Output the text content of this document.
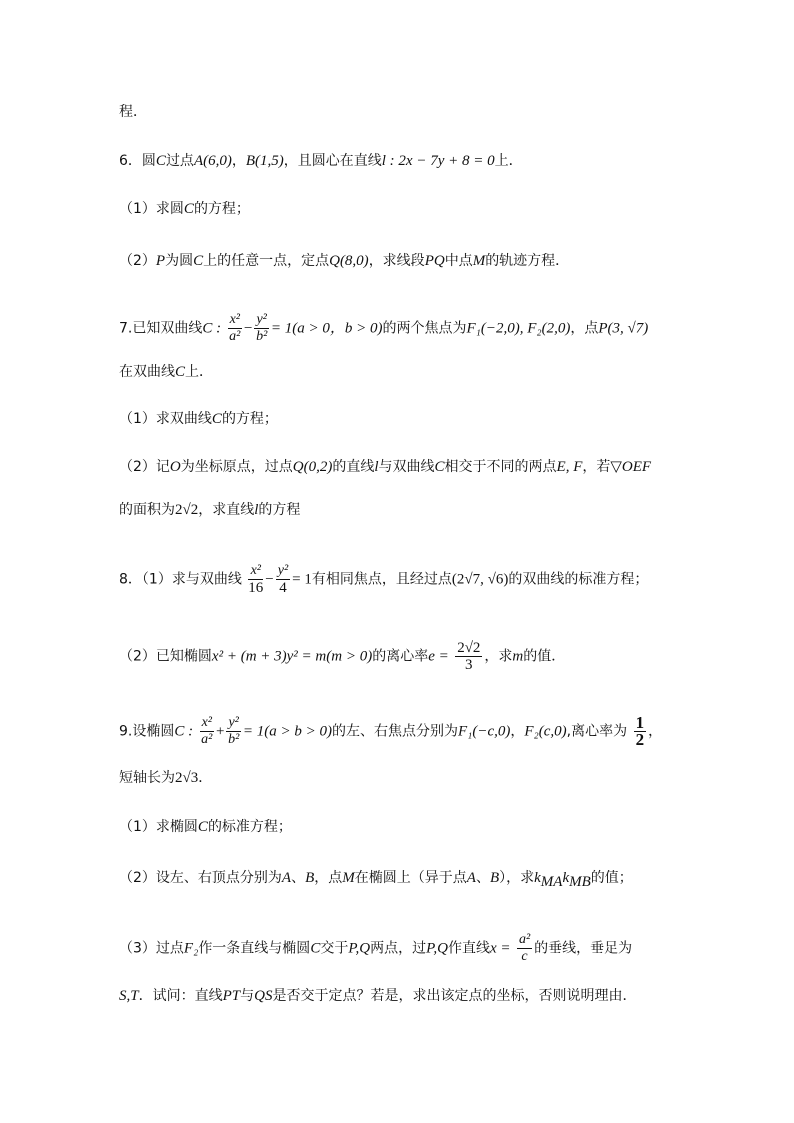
程．
6．圆C过点A(6,0)，B(1,5)，且圆心在直线l : 2x − 7y + 8 = 0上．
（1）求圆C的方程；
（2）P为圆C上的任意一点，定点Q(8,0)，求线段PQ中点M的轨迹方程．
7.已知双曲线C : $\frac{\text{x²}}{\text{a²}} - \frac{\text{y²}}{\text{b²}} = 1(a > 0$，b > 0)的两个焦点为F₁(−2,0), F₂(2,0)，点P(3, √7)
在双曲线C上．
（1）求双曲线C的方程；
（2）记O为坐标原点，过点Q(0,2)的直线l与双曲线C相交于不同的两点E, F，若▽OEF
的面积为2√2，求直线l的方程
8．（1）求与双曲线 $\frac{\text{x²}}{16} - \frac{\text{y²}}{4} = 1$有相同焦点，且经过点(2√7, √6)的双曲线的标准方程；
（2）已知椭圆x² + (m + 3)y² = m(m > 0)的离心率$e = \frac{2√2}{3}$ ，求m的值．
9.设椭圆C : $\frac{\text{x²}}{\text{a²}} + \frac{\text{y²}}{\text{b²}} = 1(a > b > 0)$的左、右焦点分别为F₁(−c,0)，F₂(c,0),离心率为 $\frac{1}{2}$ ，
短轴长为2√3．
（1）求椭圆C的标准方程；
（2）设左、右顶点分别为A、B，点M在椭圆上（异于点A、B），求$k_{MA}k_{MB}$的值；
（3）过点F₂作一条直线与椭圆C交于P,Q两点，过P,Q作直线$x = \frac{\text{a²}}{c}$ 的垂线，垂足为
S,T．试问：直线PT与QS是否交于定点？若是，求出该定点的坐标，否则说明理由．
